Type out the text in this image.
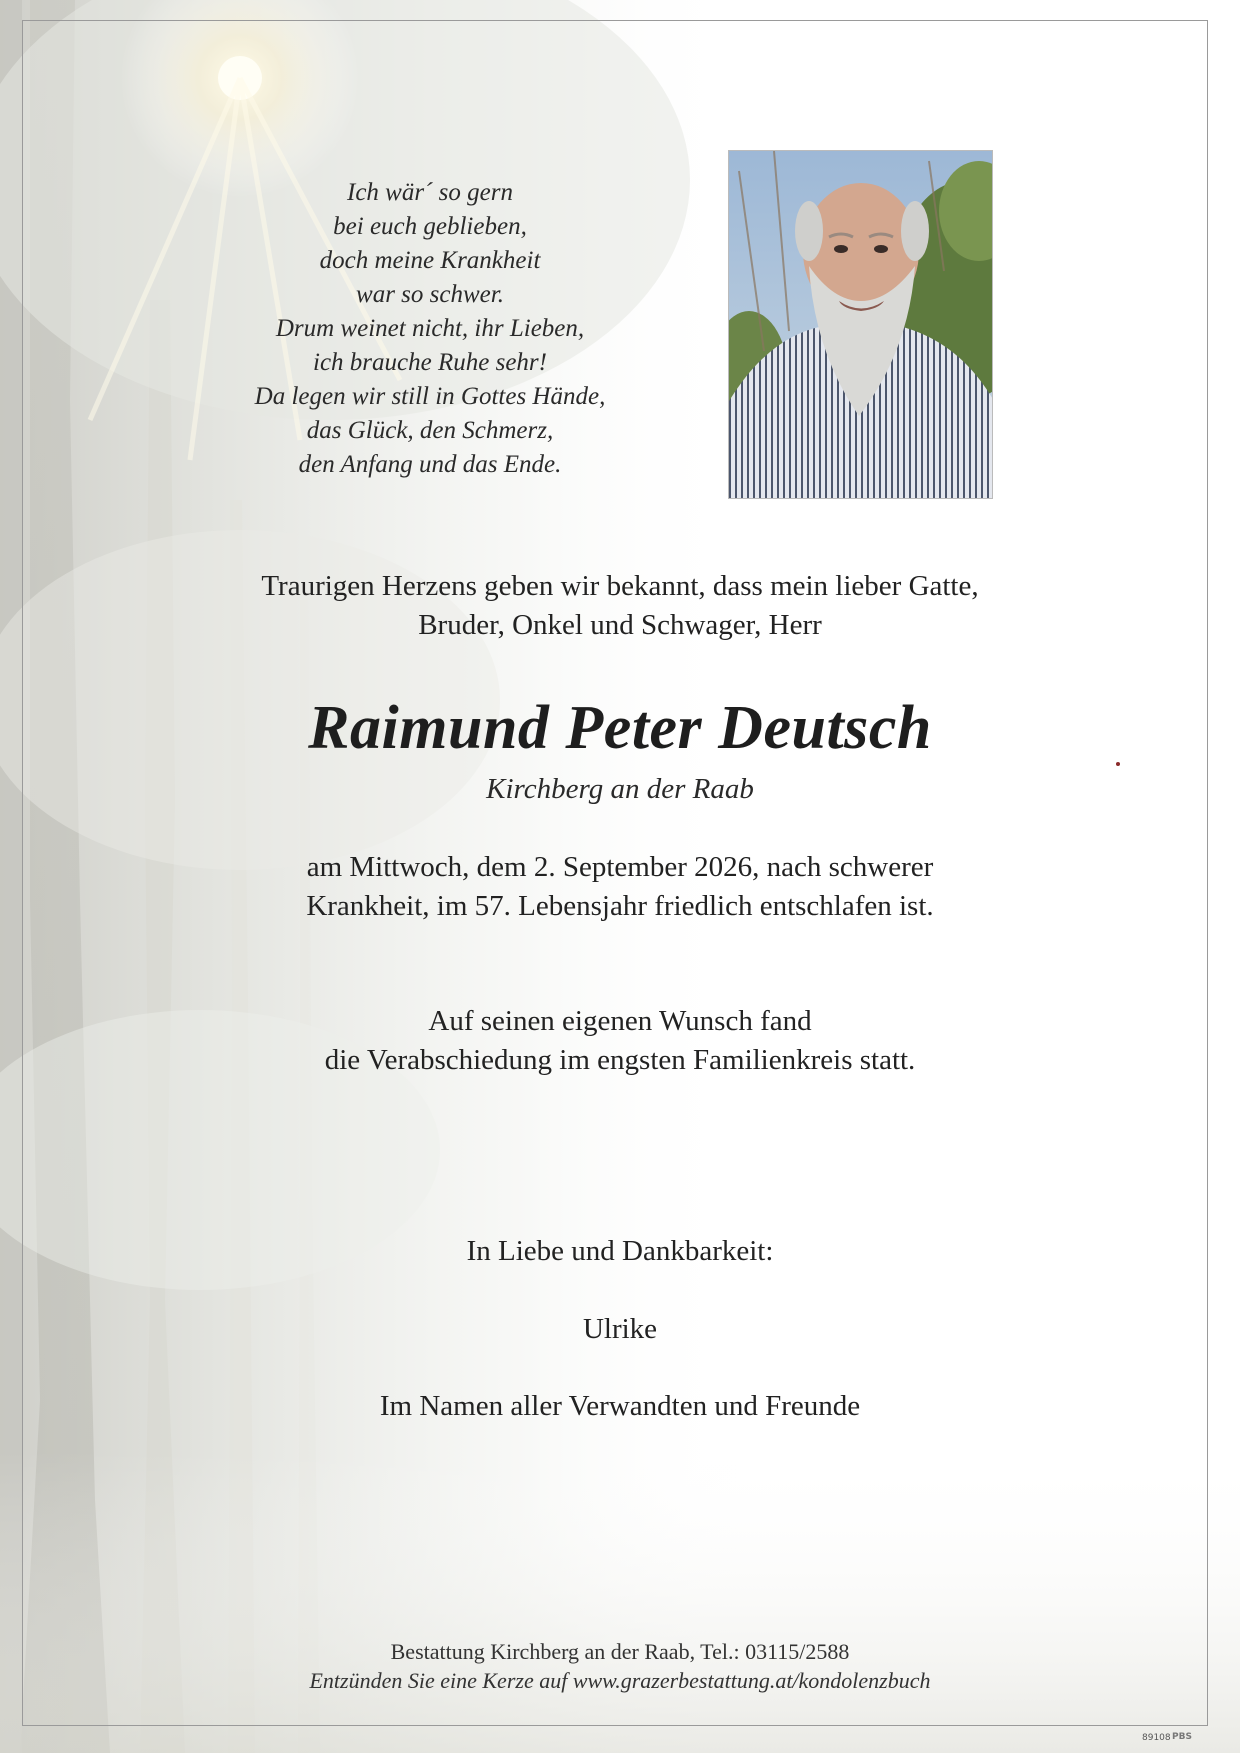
Ich wär´ so gern
bei euch geblieben,
doch meine Krankheit
war so schwer.
Drum weinet nicht, ihr Lieben,
ich brauche Ruhe sehr!
Da legen wir still in Gottes Hände,
das Glück, den Schmerz,
den Anfang und das Ende.
Traurigen Herzens geben wir bekannt, dass mein lieber Gatte,
Bruder, Onkel und Schwager, Herr
Raimund Peter Deutsch
Kirchberg an der Raab
am Mittwoch, dem 2. September 2026, nach schwerer
Krankheit, im 57. Lebensjahr friedlich entschlafen ist.
Auf seinen eigenen Wunsch fand
die Verabschiedung im engsten Familienkreis statt.
In Liebe und Dankbarkeit:
Ulrike
Im Namen aller Verwandten und Freunde
Bestattung Kirchberg an der Raab, Tel.: 03115/2588
Entzünden Sie eine Kerze auf www.grazerbestattung.at/kondolenzbuch
89108 PBS
